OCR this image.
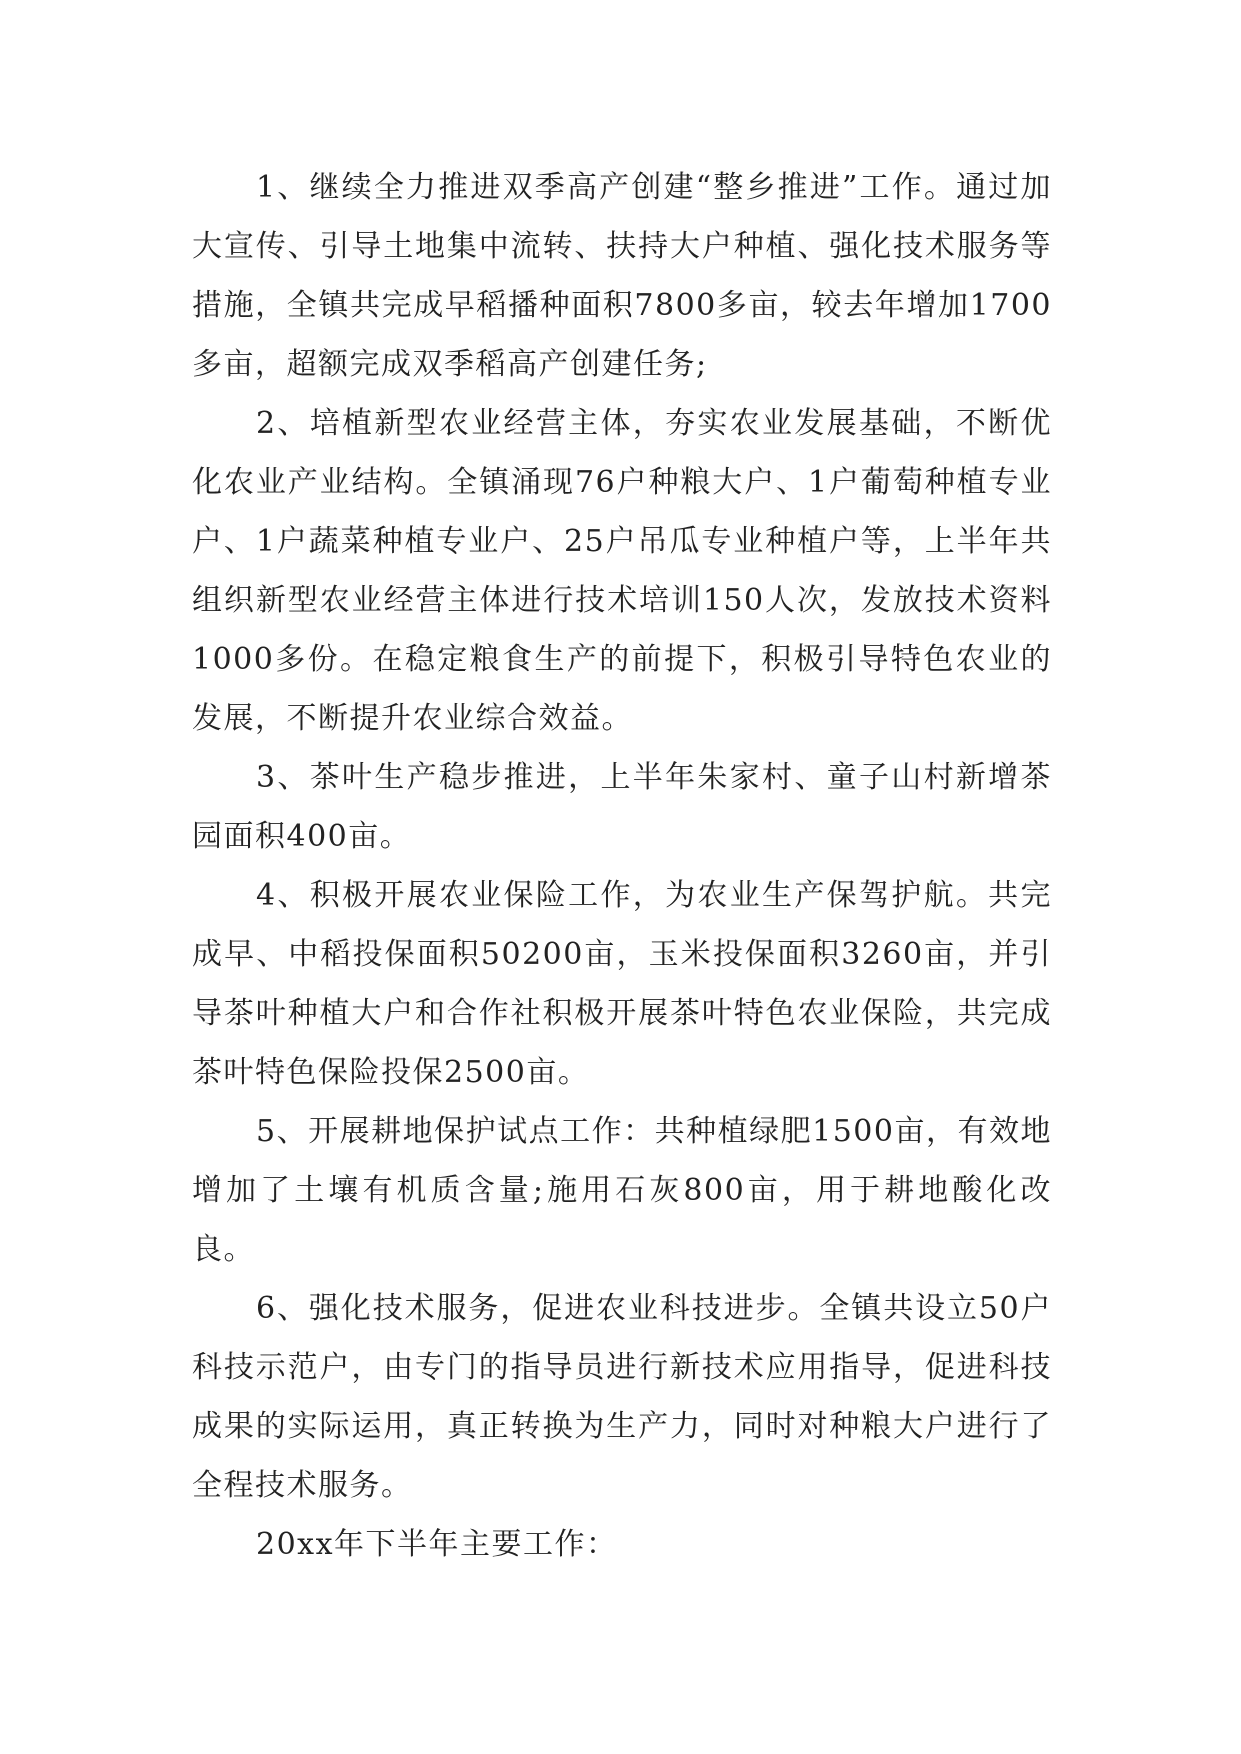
1、继续全力推进双季高产创建“整乡推进”工作。通过加大宣传、引导土地集中流转、扶持大户种植、强化技术服务等措施，全镇共完成早稻播种面积7800多亩，较去年增加1700多亩，超额完成双季稻高产创建任务;

2、培植新型农业经营主体，夯实农业发展基础，不断优化农业产业结构。全镇涌现76户种粮大户、1户葡萄种植专业户、1户蔬菜种植专业户、25户吊瓜专业种植户等，上半年共组织新型农业经营主体进行技术培训150人次，发放技术资料1000多份。在稳定粮食生产的前提下，积极引导特色农业的发展，不断提升农业综合效益。

3、茶叶生产稳步推进，上半年朱家村、童子山村新增茶园面积400亩。

4、积极开展农业保险工作，为农业生产保驾护航。共完成早、中稻投保面积50200亩，玉米投保面积3260亩，并引导茶叶种植大户和合作社积极开展茶叶特色农业保险，共完成茶叶特色保险投保2500亩。

5、开展耕地保护试点工作：共种植绿肥1500亩，有效地增加了土壤有机质含量;施用石灰800亩，用于耕地酸化改良。

6、强化技术服务，促进农业科技进步。全镇共设立50户科技示范户，由专门的指导员进行新技术应用指导，促进科技成果的实际运用，真正转换为生产力，同时对种粮大户进行了全程技术服务。

20xx年下半年主要工作：
